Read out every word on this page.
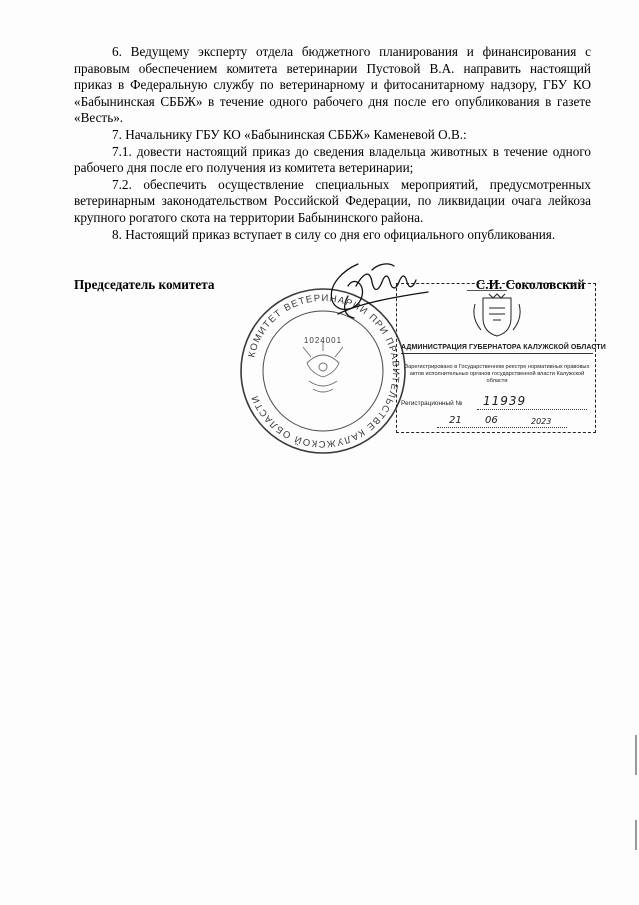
6. Ведущему эксперту отдела бюджетного планирования и финансирования с правовым обеспечением комитета ветеринарии Пустовой В.А. направить настоящий приказ в Федеральную службу по ветеринарному и фитосанитарному надзору, ГБУ КО «Бабынинская СББЖ» в течение одного рабочего дня после его опубликования в газете «Весть».

7. Начальнику ГБУ КО «Бабынинская СББЖ» Каменевой О.В.:

7.1. довести настоящий приказ до сведения владельца животных в течение одного рабочего дня после его получения из комитета ветеринарии;

7.2. обеспечить осуществление специальных мероприятий, предусмотренных ветеринарным законодательством Российской Федерации, по ликвидации очага лейкоза крупного рогатого скота на территории Бабынинского района.

8. Настоящий приказ вступает в силу со дня его официального опубликования.

Председатель комитета	С.И. Соколовский
КОМИТЕТ ВЕТЕРИНАРИИ ПРИ ПРАВИТЕЛЬСТВЕ КАЛУЖСКОЙ ОБЛАСТИ
1024001
АДМИНИСТРАЦИЯ ГУБЕРНАТОРА КАЛУЖСКОЙ ОБЛАСТИ
Зарегистрировано в Государственном реестре нормативных правовых актов исполнительных органов государственной власти Калужской области
Регистрационный № 11939
21 06	2023
